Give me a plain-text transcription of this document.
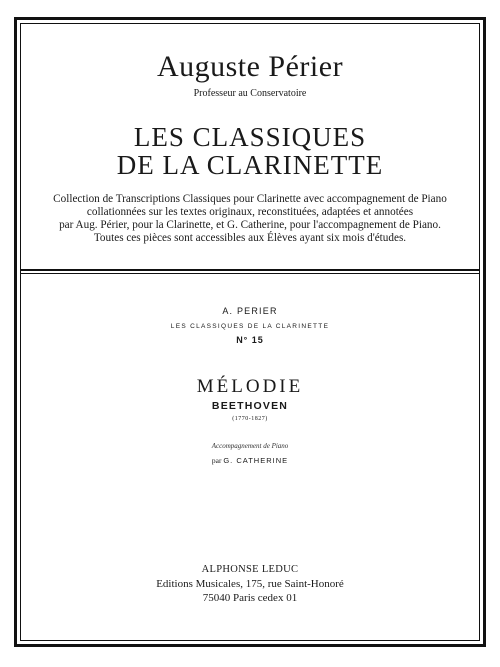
Auguste Périer

Professeur au Conservatoire

LES CLASSIQUES

DE LA CLARINETTE

Collection de Transcriptions Classiques pour Clarinette avec accompagnement de Piano
collationnées sur les textes originaux, reconstituées, adaptées et annotées
par Aug. Périer, pour la Clarinette, et G. Catherine, pour l'accompagnement de Piano.
Toutes ces pièces sont accessibles aux Élèves ayant six mois d'études.

A. PERIER

LES CLASSIQUES DE LA CLARINETTE

N° 15

MÉLODIE

BEETHOVEN

(1770-1827)

Accompagnement de Piano

par G. CATHERINE

ALPHONSE LEDUC

Editions Musicales, 175, rue Saint-Honoré

75040 Paris cedex 01
